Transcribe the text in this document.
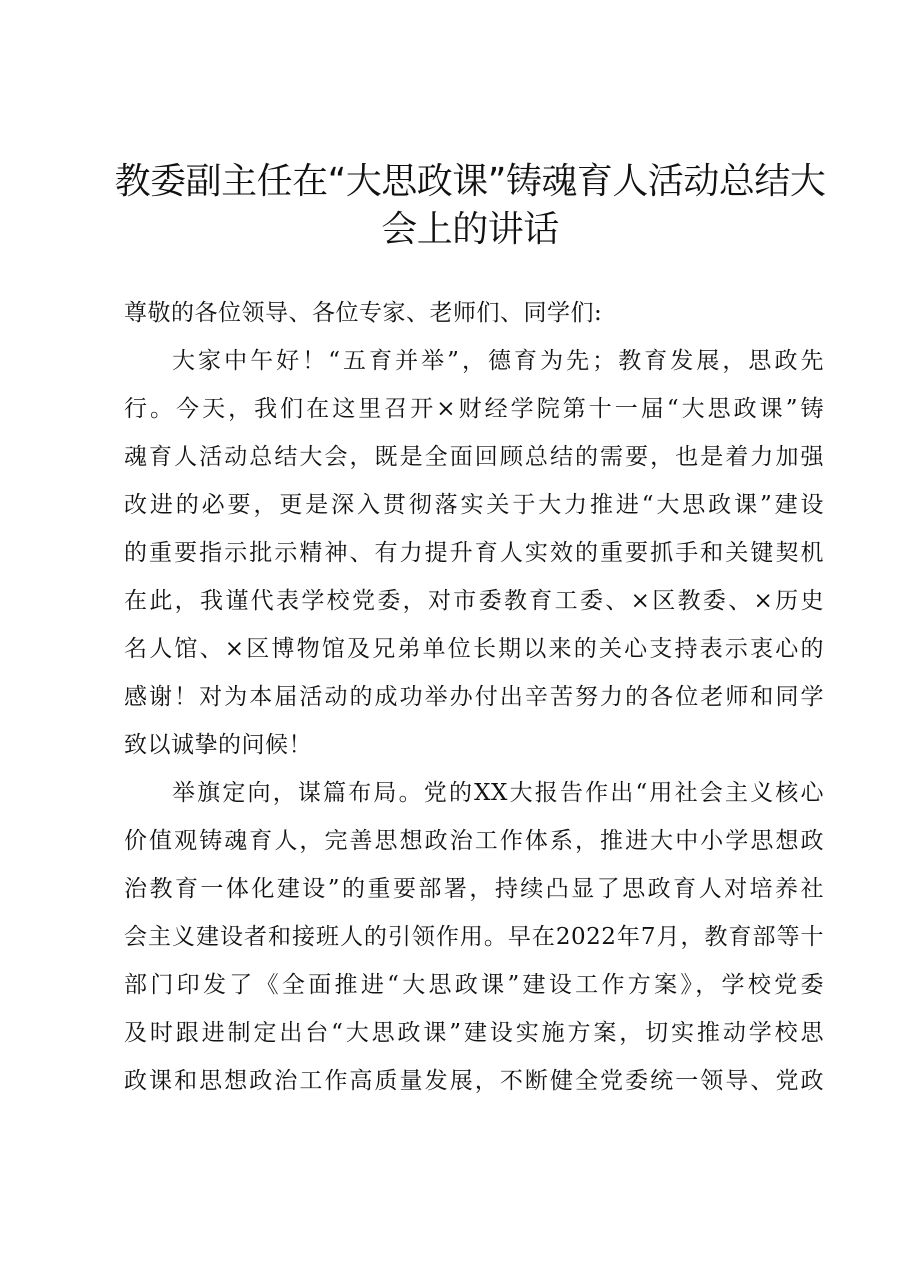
教委副主任在“大思政课”铸魂育人活动总结大
会上的讲话
尊敬的各位领导、各位专家、老师们、同学们:
大家中午好！“五育并举”，德育为先；教育发展，思政先
行。今天，我们在这里召开×财经学院第十一届“大思政课”铸
魂育人活动总结大会，既是全面回顾总结的需要，也是着力加强
改进的必要，更是深入贯彻落实关于大力推进“大思政课”建设
的重要指示批示精神、有力提升育人实效的重要抓手和关键契机
在此，我谨代表学校党委，对市委教育工委、×区教委、×历史
名人馆、×区博物馆及兄弟单位长期以来的关心支持表示衷心的
感谢！对为本届活动的成功举办付出辛苦努力的各位老师和同学
致以诚挚的问候！
举旗定向，谋篇布局。党的XX大报告作出“用社会主义核心
价值观铸魂育人，完善思想政治工作体系，推进大中小学思想政
治教育一体化建设”的重要部署，持续凸显了思政育人对培养社
会主义建设者和接班人的引领作用。早在2022年7月，教育部等十
部门印发了《全面推进“大思政课”建设工作方案》，学校党委
及时跟进制定出台“大思政课”建设实施方案，切实推动学校思
政课和思想政治工作高质量发展，不断健全党委统一领导、党政
